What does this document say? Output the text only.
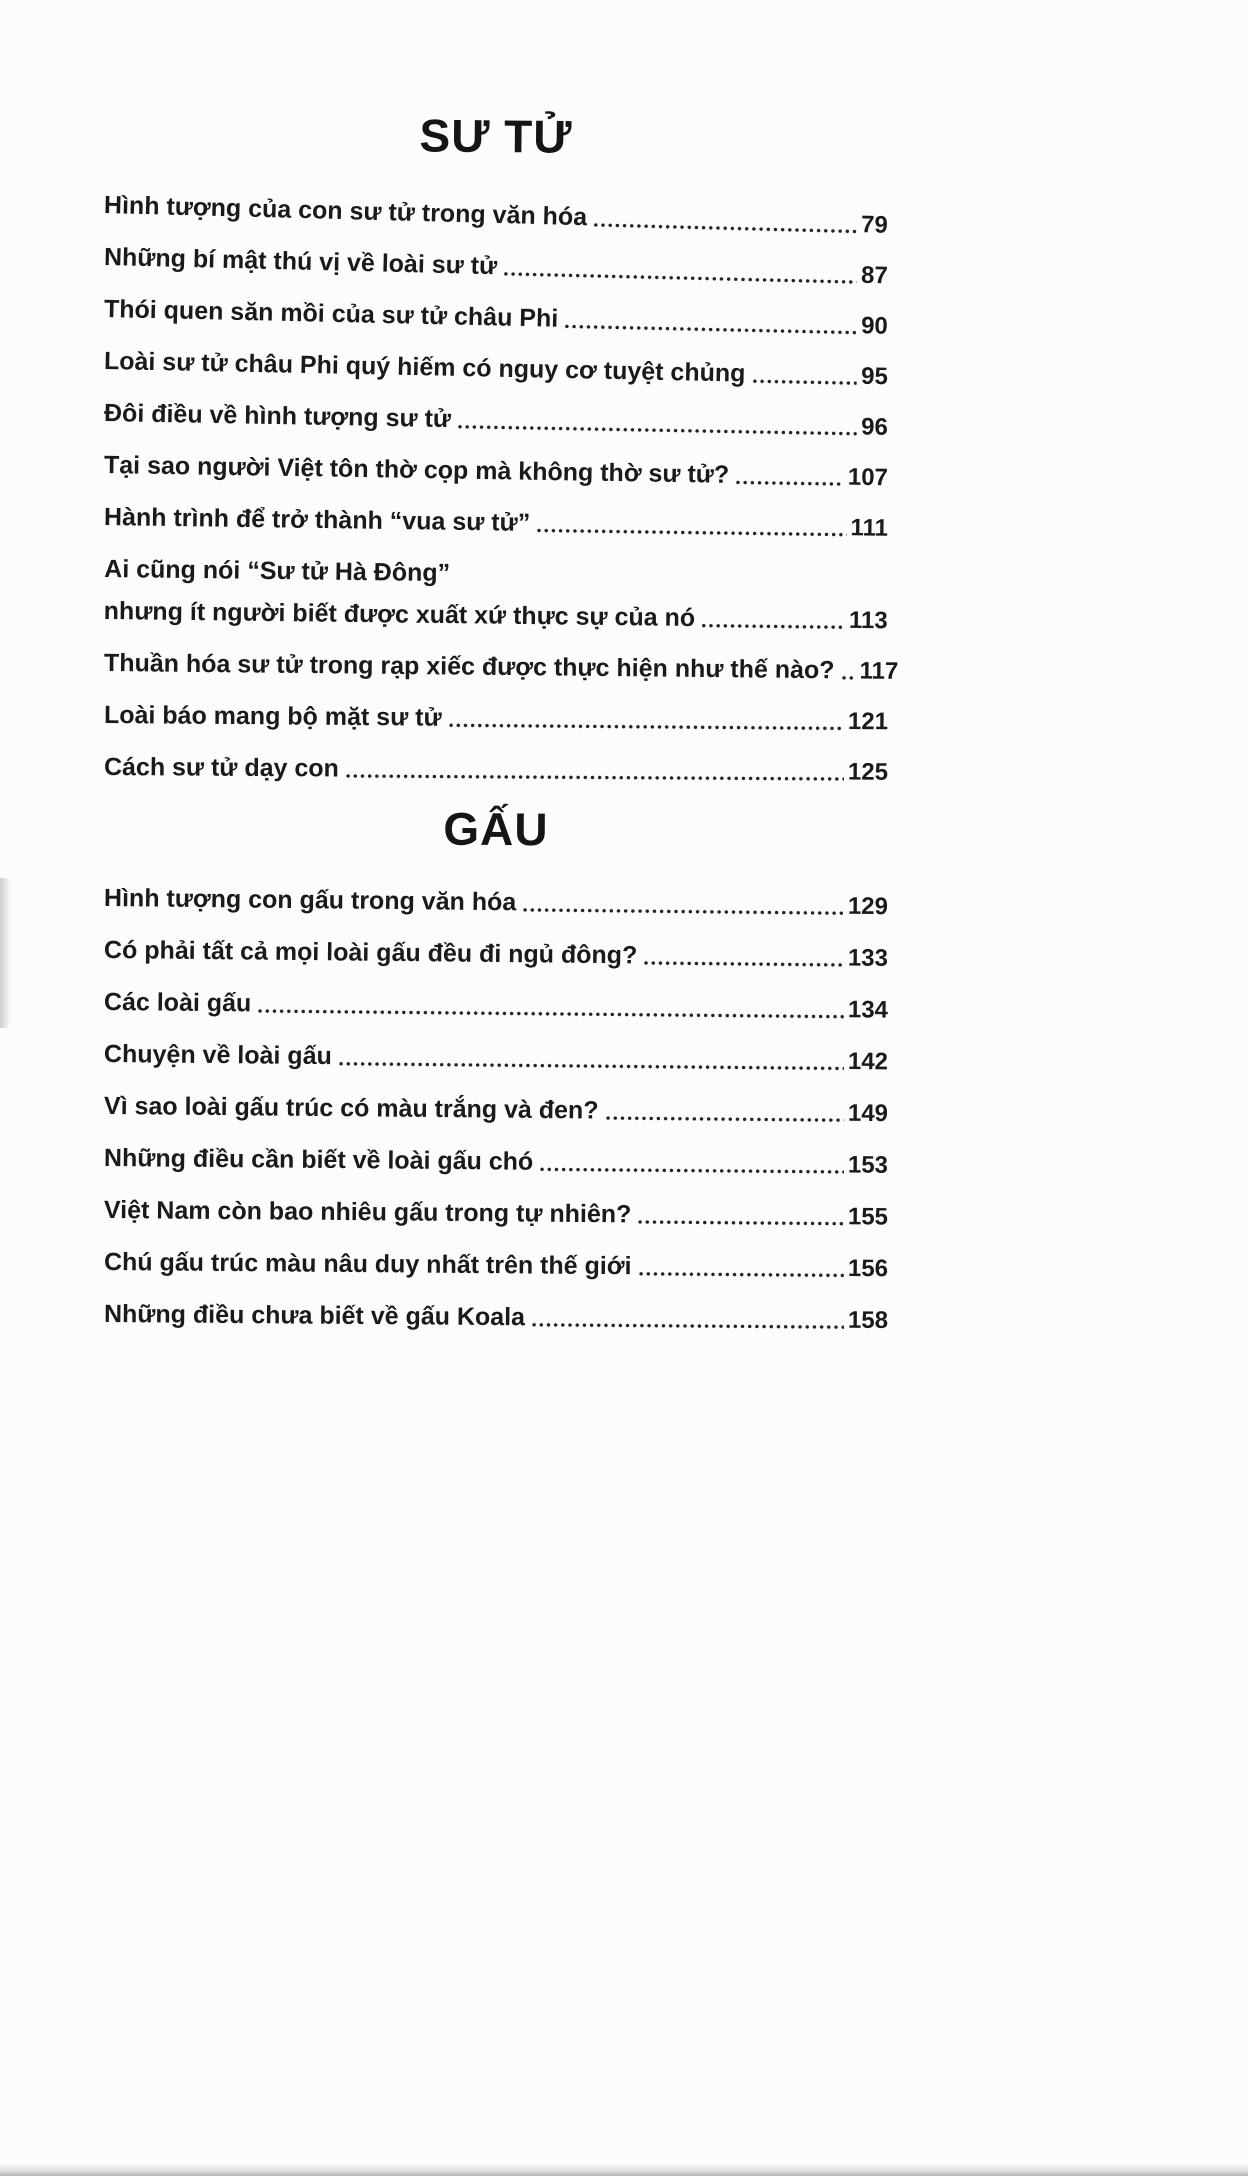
SƯ TỬ
Hình tượng của con sư tử trong văn hóa	79
Những bí mật thú vị về loài sư tử	87
Thói quen săn mồi của sư tử châu Phi	90
Loài sư tử châu Phi quý hiếm có nguy cơ tuyệt chủng	95
Đôi điều về hình tượng sư tử	96
Tại sao người Việt tôn thờ cọp mà không thờ sư tử?	107
Hành trình để trở thành “vua sư tử”	111
Ai cũng nói “Sư tử Hà Đông”
nhưng ít người biết được xuất xứ thực sự của nó	113
Thuần hóa sư tử trong rạp xiếc được thực hiện như thế nào? 117
Loài báo mang bộ mặt sư tử	121
Cách sư tử dạy con	125
GẤU
Hình tượng con gấu trong văn hóa	129
Có phải tất cả mọi loài gấu đều đi ngủ đông?	133
Các loài gấu	134
Chuyện về loài gấu	142
Vì sao loài gấu trúc có màu trắng và đen?	149
Những điều cần biết về loài gấu chó	153
Việt Nam còn bao nhiêu gấu trong tự nhiên?	155
Chú gấu trúc màu nâu duy nhất trên thế giới	156
Những điều chưa biết về gấu Koala	158
